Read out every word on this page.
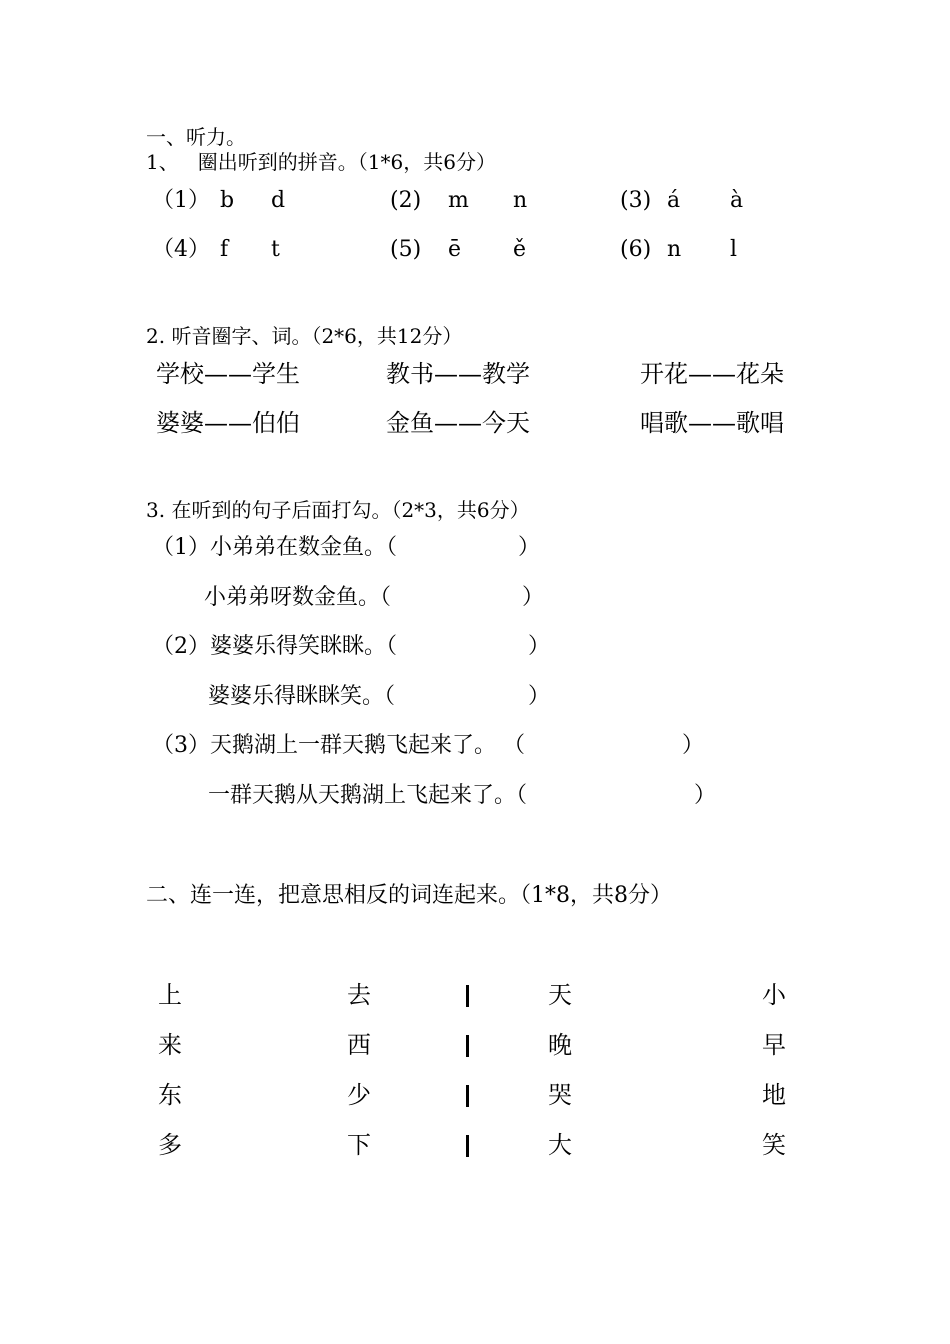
一、听力。
1、   圈出听到的拼音。（1*6，共6分）
（1） b d	(2) m n	(3) á à
（4） f t	(5) ē ě	(6) n l
2. 听音圈字、词。（2*6，共12分）
学校——学生	教书——教学	开花——花朵
婆婆——伯伯	金鱼——今天	唱歌——歌唱
3. 在听到的句子后面打勾。（2*3，共6分）
（1）小弟弟在数金鱼。（	）
小弟弟呀数金鱼。（	）
（2）婆婆乐得笑眯眯。（	）
婆婆乐得眯眯笑。（	）
（3）天鹅湖上一群天鹅飞起来了。 （	）
一群天鹅从天鹅湖上飞起来了。（	）
二、连一连，把意思相反的词连起来。（1*8，共8分）
上	去	天	小
来	西	晚	早
东	少	哭	地
多	下	大	笑
